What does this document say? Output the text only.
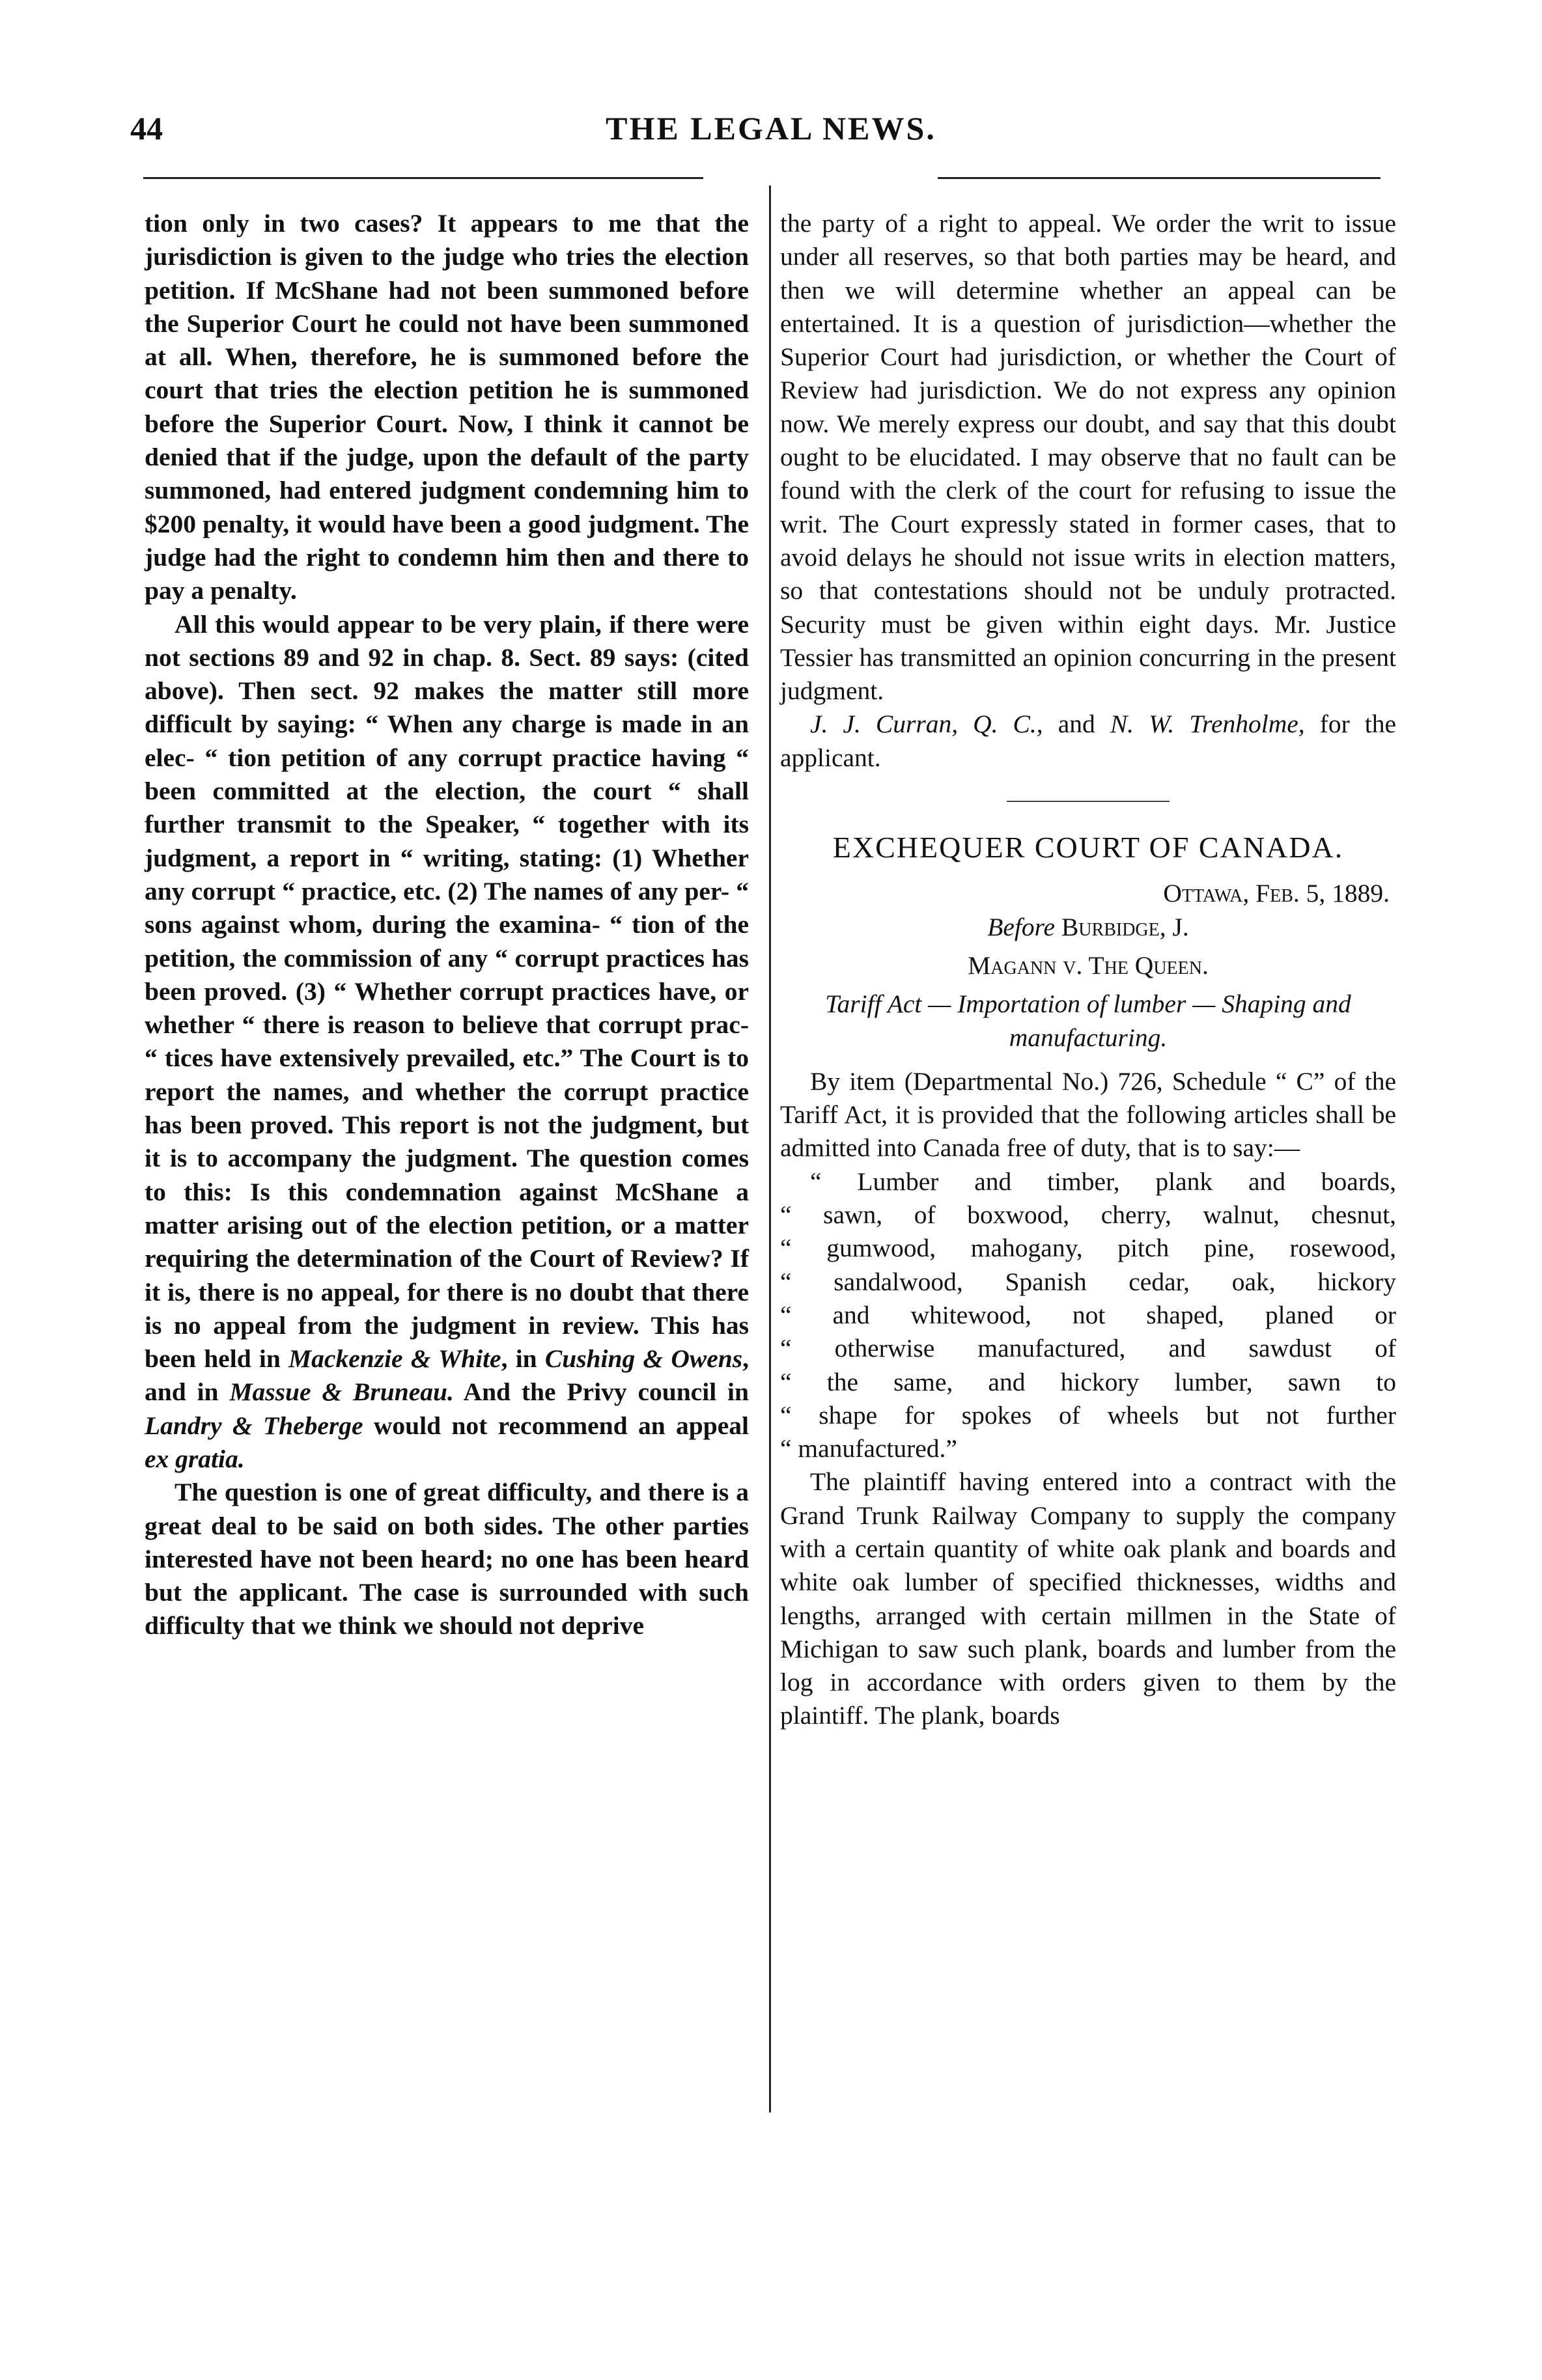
44	THE LEGAL NEWS.

tion only in two cases? It appears to me that the jurisdiction is given to the judge who tries the election petition. If McShane had not been summoned before the Superior Court he could not have been summoned at all. When, therefore, he is summoned before the court that tries the election petition he is summoned before the Superior Court. Now, I think it cannot be denied that if the judge, upon the default of the party summoned, had entered judgment condemning him to $200 penalty, it would have been a good judgment. The judge had the right to condemn him then and there to pay a penalty.

All this would appear to be very plain, if there were not sections 89 and 92 in chap. 8. Sect. 89 says: (cited above). Then sect. 92 makes the matter still more difficult by saying: “ When any charge is made in an elec- “ tion petition of any corrupt practice having “ been committed at the election, the court “ shall further transmit to the Speaker, “ together with its judgment, a report in “ writing, stating: (1) Whether any corrupt “ practice, etc. (2) The names of any per- “ sons against whom, during the examina- “ tion of the petition, the commission of any “ corrupt practices has been proved. (3) “ Whether corrupt practices have, or whether “ there is reason to believe that corrupt prac- “ tices have extensively prevailed, etc.” The Court is to report the names, and whether the corrupt practice has been proved. This report is not the judgment, but it is to accompany the judgment. The question comes to this: Is this condemnation against McShane a matter arising out of the election petition, or a matter requiring the determination of the Court of Review? If it is, there is no appeal, for there is no doubt that there is no appeal from the judgment in review. This has been held in Mackenzie & White, in Cushing & Owens, and in Massue & Bruneau. And the Privy council in Landry & Theberge would not recommend an appeal ex gratia.

The question is one of great difficulty, and there is a great deal to be said on both sides. The other parties interested have not been heard; no one has been heard but the applicant. The case is surrounded with such difficulty that we think we should not deprive

the party of a right to appeal. We order the writ to issue under all reserves, so that both parties may be heard, and then we will determine whether an appeal can be entertained. It is a question of jurisdiction—whether the Superior Court had jurisdiction, or whether the Court of Review had jurisdiction. We do not express any opinion now. We merely express our doubt, and say that this doubt ought to be elucidated. I may observe that no fault can be found with the clerk of the court for refusing to issue the writ. The Court expressly stated in former cases, that to avoid delays he should not issue writs in election matters, so that contestations should not be unduly protracted. Security must be given within eight days. Mr. Justice Tessier has transmitted an opinion concurring in the present judgment.

J. J. Curran, Q. C., and N. W. Trenholme, for the applicant.

EXCHEQUER COURT OF CANADA.
Ottawa, Feb. 5, 1889.
Before Burbidge, J.
Magann v. The Queen.
Tariff Act — Importation of lumber — Shaping and manufacturing.

By item (Departmental No.) 726, Schedule “ C” of the Tariff Act, it is provided that the following articles shall be admitted into Canada free of duty, that is to say:—

“ Lumber and timber, plank and boards,
“ sawn, of boxwood, cherry, walnut, chesnut,
“ gumwood, mahogany, pitch pine, rosewood,
“ sandalwood, Spanish cedar, oak, hickory
“ and whitewood, not shaped, planed or
“ otherwise manufactured, and sawdust of
“ the same, and hickory lumber, sawn to
“ shape for spokes of wheels but not further
“ manufactured.”

The plaintiff having entered into a contract with the Grand Trunk Railway Company to supply the company with a certain quantity of white oak plank and boards and white oak lumber of specified thicknesses, widths and lengths, arranged with certain millmen in the State of Michigan to saw such plank, boards and lumber from the log in accordance with orders given to them by the plaintiff. The plank, boards
